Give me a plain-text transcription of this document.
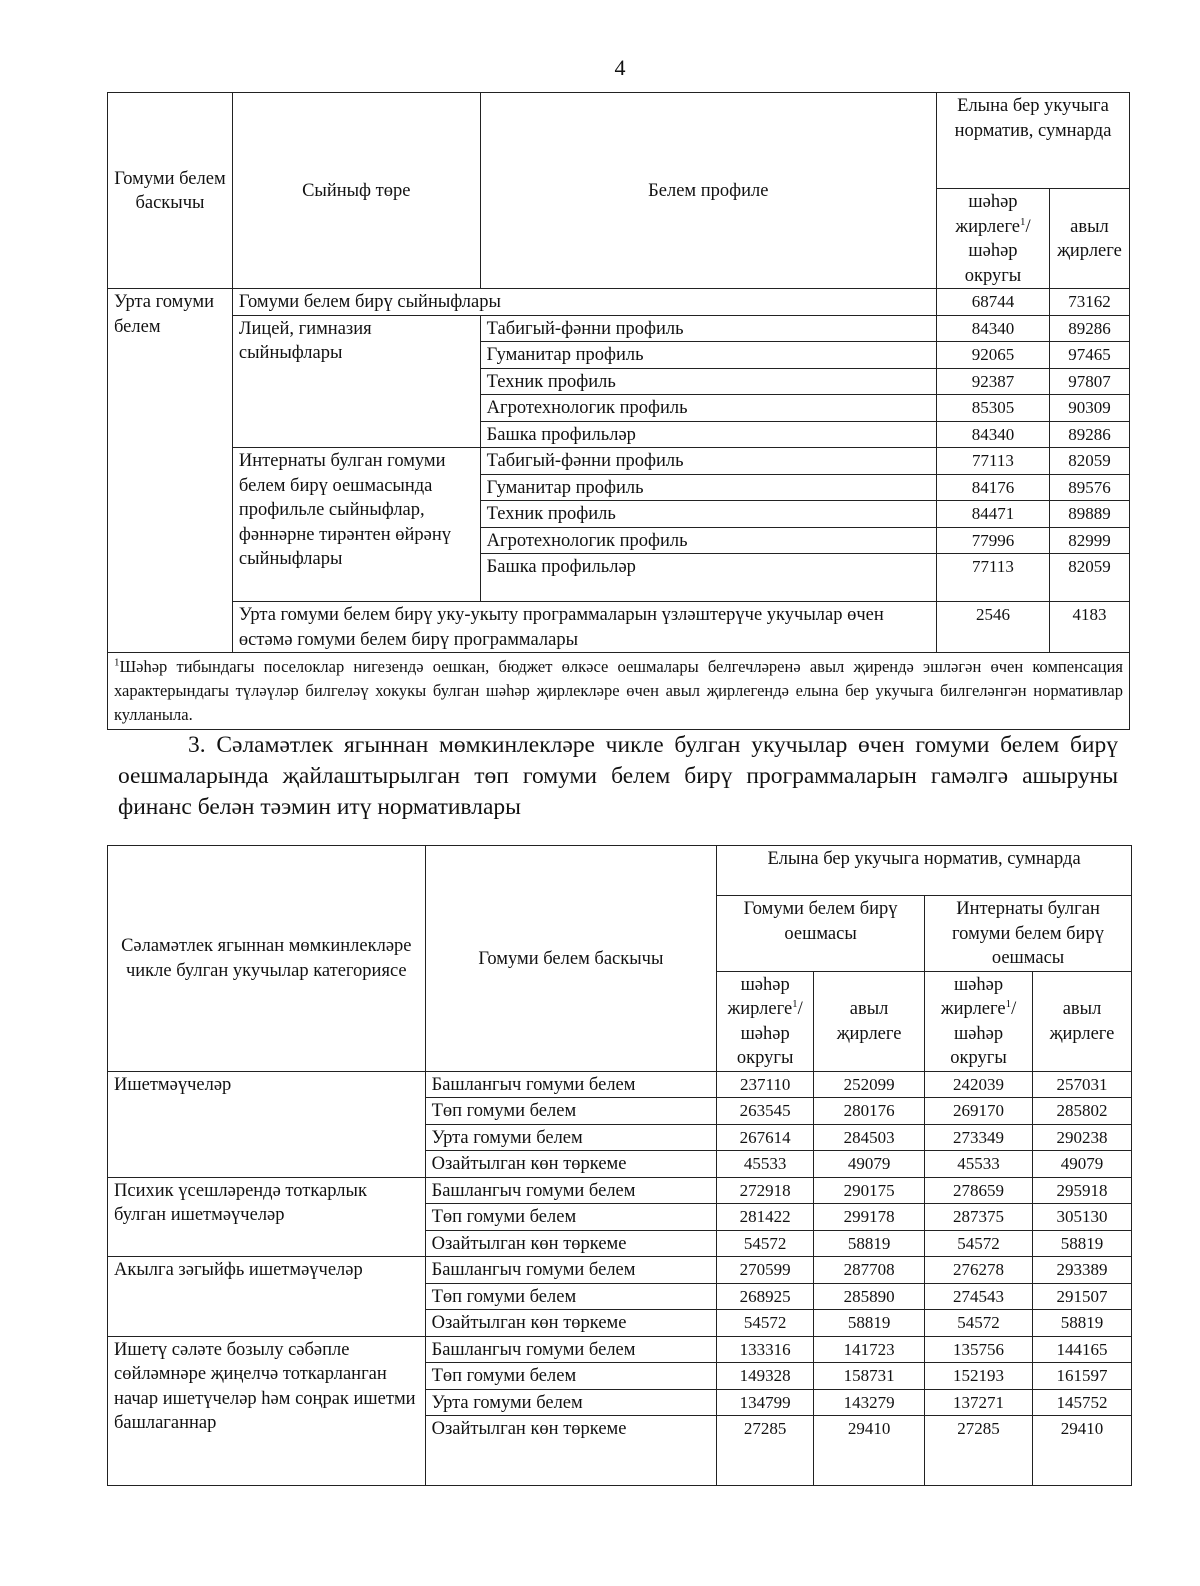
4
Гомуми белем баскычы	Сыйныф төре	Белем профиле	Елына бер укучыга норматив, сумнарда	
			шәһәр жирлеге$^1$/ шәһәр округы	авыл җирлеге
Урта гомуми белем	Гомуми белем бирү сыйныфлары		68744	73162
	Лицей, гимназия сыйныфлары	Табигый-фәнни профиль	84340	89286
		Гуманитар профиль	92065	97465
		Техник профиль	92387	97807
		Агротехнологик профиль	85305	90309
		Башка профильләр	84340	89286
	Интернаты булган гомуми белем бирү оешмасында профильле сыйныфлар, фәннәрне тирәнтен өйрәнү сыйныфлары	Табигый-фәнни профиль	77113	82059
		Гуманитар профиль	84176	89576
		Техник профиль	84471	89889
		Агротехнологик профиль	77996	82999
		Башка профильләр	77113	82059
	Урта гомуми белем бирү уку-укыту программаларын үзләштерүче укучылар өчен өстәмә гомуми белем бирү программалары		2546	4183
$^1$Шәһәр тибындагы поселоклар нигезендә оешкан, бюджет өлкәсе оешмалары белгечләренә авыл җирендә эшләгән өчен компенсация характерындагы түләүләр билгеләү хокукы булган шәһәр җирлекләре өчен авыл җирлегендә елына бер укучыга билгеләнгән нормативлар кулланыла.				
3. Сәламәтлек ягыннан мөмкинлекләре чикле булган укучылар өчен гомуми белем бирү оешмаларында җайлаштырылган төп гомуми белем бирү программаларын гамәлгә ашыруны финанс белән тәэмин итү нормативлары
Сәламәтлек ягыннан мөмкинлекләре чикле булган укучылар категориясе	Гомуми белем баскычы	Елына бер укучыга норматив, сумнарда			
		Гомуми белем бирү оешмасы		Интернаты булган гомуми белем бирү оешмасы	
		шәһәр жирлеге$^1$/ шәһәр округы	авыл җирлеге	шәһәр жирлеге$^1$/ шәһәр округы	авыл җирлеге
Ишетмәүчеләр	Башлангыч гомуми белем	237110	252099	242039	257031
	Төп гомуми белем	263545	280176	269170	285802
	Урта гомуми белем	267614	284503	273349	290238
	Озайтылган көн төркеме	45533	49079	45533	49079
Психик үсешләрендә тоткарлык булган ишетмәүчеләр	Башлангыч гомуми белем	272918	290175	278659	295918
	Төп гомуми белем	281422	299178	287375	305130
	Озайтылган көн төркеме	54572	58819	54572	58819
Акылга зәгыйфь ишетмәүчеләр	Башлангыч гомуми белем	270599	287708	276278	293389
	Төп гомуми белем	268925	285890	274543	291507
	Озайтылган көн төркеме	54572	58819	54572	58819
Ишетү сәләте бозылу сәбәпле сөйләмнәре җиңелчә тоткарланган начар ишетүчеләр һәм соңрак ишетми башлаганнар	Башлангыч гомуми белем	133316	141723	135756	144165
	Төп гомуми белем	149328	158731	152193	161597
	Урта гомуми белем	134799	143279	137271	145752
	Озайтылган көн төркеме	27285	29410	27285	29410
